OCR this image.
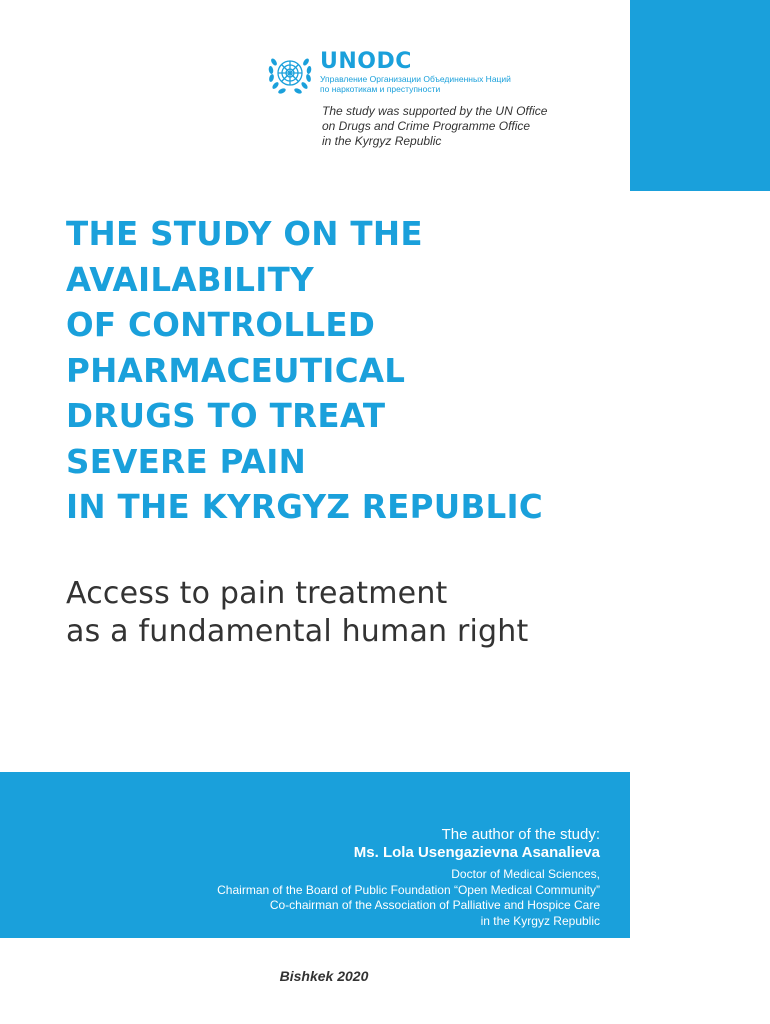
UNODC
Управление Организации Объединенных Наций
по наркотикам и преступности
The study was supported by the UN Office
on Drugs and Crime Programme Office
in the Kyrgyz Republic
THE STUDY ON THE
AVAILABILITY
OF CONTROLLED
PHARMACEUTICAL
DRUGS TO TREAT
SEVERE PAIN
IN THE KYRGYZ REPUBLIC
Access to pain treatment
as a fundamental human right
The author of the study:
Ms. Lola Usengazievna Asanalieva
Doctor of Medical Sciences,
Chairman of the Board of Public Foundation “Open Medical Community”
Co-chairman of the Association of Palliative and Hospice Care
in the Kyrgyz Republic
Bishkek 2020
